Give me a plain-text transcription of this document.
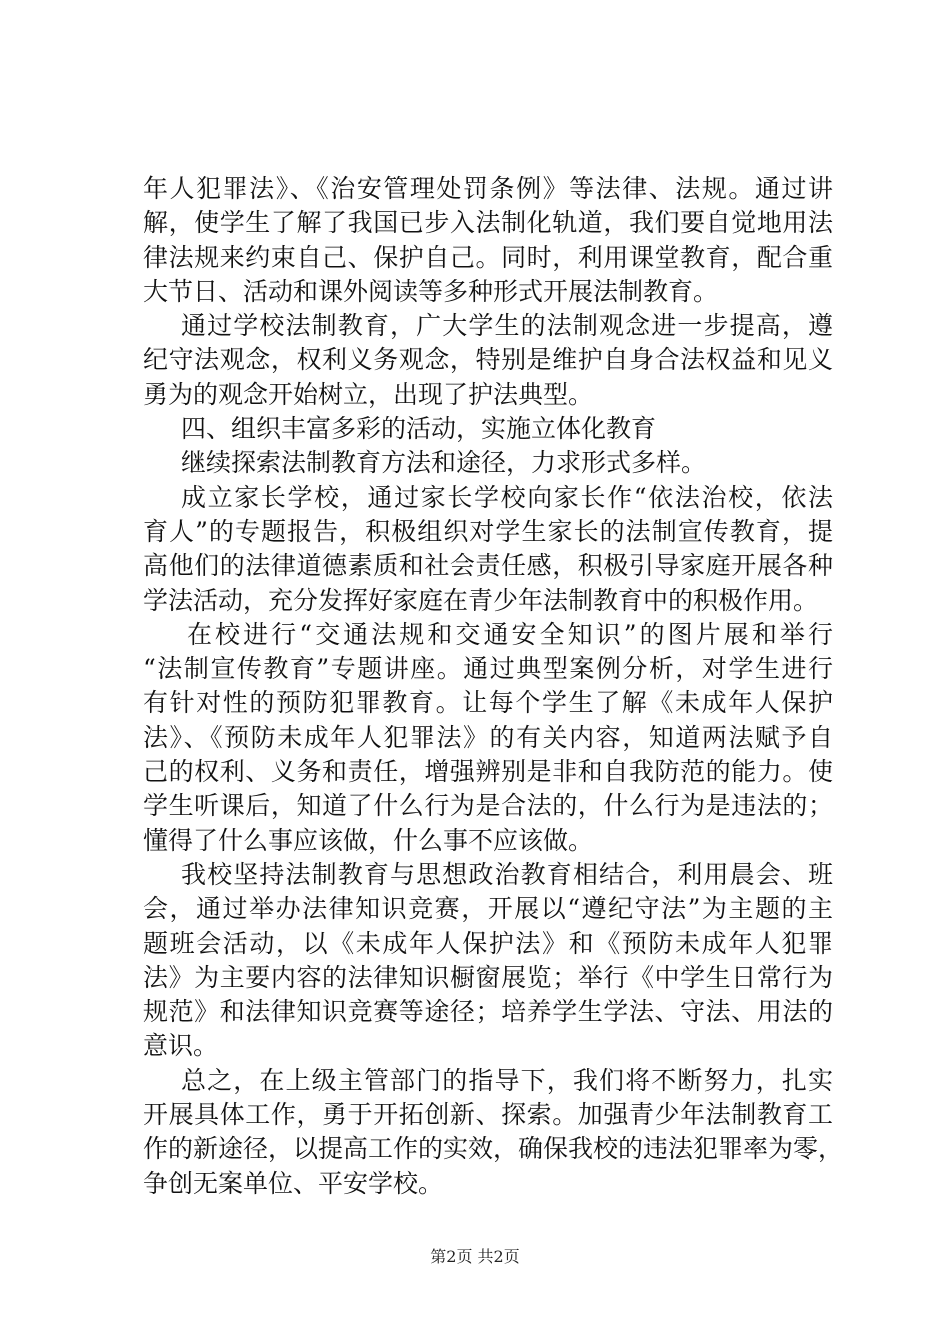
年人犯罪法》、《治安管理处罚条例》等法律、法规。通过讲
解，使学生了解了我国已步入法制化轨道，我们要自觉地用法
律法规来约束自己、保护自己。同时，利用课堂教育，配合重
大节日、活动和课外阅读等多种形式开展法制教育。
通过学校法制教育，广大学生的法制观念进一步提高，遵
纪守法观念，权利义务观念，特别是维护自身合法权益和见义
勇为的观念开始树立，出现了护法典型。
四、组织丰富多彩的活动，实施立体化教育
继续探索法制教育方法和途径，力求形式多样。
成立家长学校，通过家长学校向家长作“依法治校，依法
育人”的专题报告，积极组织对学生家长的法制宣传教育，提
高他们的法律道德素质和社会责任感，积极引导家庭开展各种
学法活动，充分发挥好家庭在青少年法制教育中的积极作用。
在校进行“交通法规和交通安全知识”的图片展和举行
“法制宣传教育”专题讲座。通过典型案例分析，对学生进行
有针对性的预防犯罪教育。让每个学生了解《未成年人保护
法》、《预防未成年人犯罪法》的有关内容，知道两法赋予自
己的权利、义务和责任，增强辨别是非和自我防范的能力。使
学生听课后，知道了什么行为是合法的，什么行为是违法的；
懂得了什么事应该做，什么事不应该做。
我校坚持法制教育与思想政治教育相结合，利用晨会、班
会，通过举办法律知识竞赛，开展以“遵纪守法”为主题的主
题班会活动，以《未成年人保护法》和《预防未成年人犯罪
法》为主要内容的法律知识橱窗展览；举行《中学生日常行为
规范》和法律知识竞赛等途径；培养学生学法、守法、用法的
意识。
总之，在上级主管部门的指导下，我们将不断努力，扎实
开展具体工作，勇于开拓创新、探索。加强青少年法制教育工
作的新途径，以提高工作的实效，确保我校的违法犯罪率为零，
争创无案单位、平安学校。
第2页 共2页
